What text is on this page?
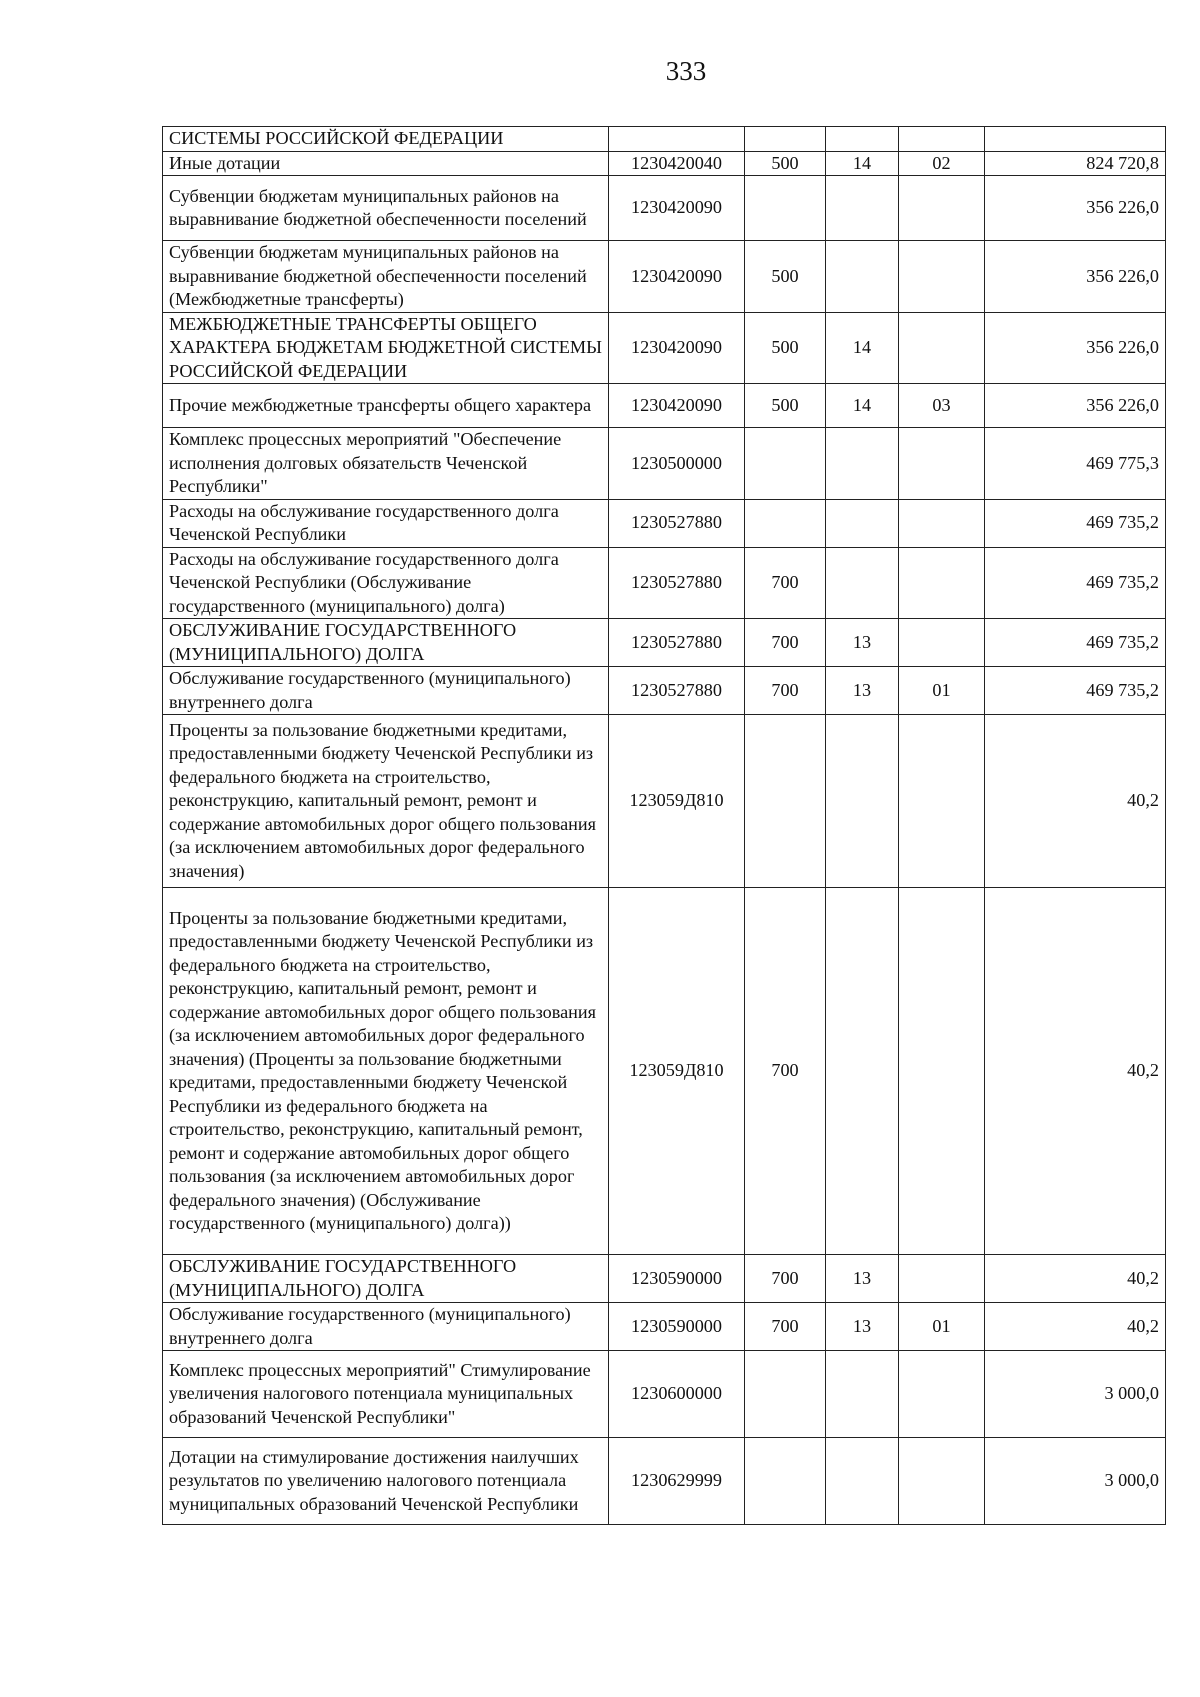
333
СИСТЕМЫ РОССИЙСКОЙ ФЕДЕРАЦИИ					
Иные дотации	1230420040	500	14	02	824 720,8
Субвенции бюджетам муниципальных районов на выравнивание бюджетной обеспеченности поселений	1230420090				356 226,0
Субвенции бюджетам муниципальных районов на выравнивание бюджетной обеспеченности поселений (Межбюджетные трансферты)	1230420090	500			356 226,0
МЕЖБЮДЖЕТНЫЕ ТРАНСФЕРТЫ ОБЩЕГО ХАРАКТЕРА БЮДЖЕТАМ БЮДЖЕТНОЙ СИСТЕМЫ РОССИЙСКОЙ ФЕДЕРАЦИИ	1230420090	500	14		356 226,0
Прочие межбюджетные трансферты общего характера	1230420090	500	14	03	356 226,0
Комплекс процессных мероприятий "Обеспечение исполнения долговых обязательств Чеченской Республики"	1230500000				469 775,3
Расходы на обслуживание государственного долга Чеченской Республики	1230527880				469 735,2
Расходы на обслуживание государственного долга Чеченской Республики (Обслуживание государственного (муниципального) долга)	1230527880	700			469 735,2
ОБСЛУЖИВАНИЕ ГОСУДАРСТВЕННОГО (МУНИЦИПАЛЬНОГО) ДОЛГА	1230527880	700	13		469 735,2
Обслуживание государственного (муниципального) внутреннего долга	1230527880	700	13	01	469 735,2
Проценты за пользование бюджетными кредитами, предоставленными бюджету Чеченской Республики из федерального бюджета на строительство, реконструкцию, капитальный ремонт, ремонт и содержание автомобильных дорог общего пользования (за исключением автомобильных дорог федерального значения)	123059Д810				40,2
Проценты за пользование бюджетными кредитами, предоставленными бюджету Чеченской Республики из федерального бюджета на строительство, реконструкцию, капитальный ремонт, ремонт и содержание автомобильных дорог общего пользования (за исключением автомобильных дорог федерального значения) (Проценты за пользование бюджетными кредитами, предоставленными бюджету Чеченской Республики из федерального бюджета на строительство, реконструкцию, капитальный ремонт, ремонт и содержание автомобильных дорог общего пользования (за исключением автомобильных дорог федерального значения) (Обслуживание государственного (муниципального) долга))	123059Д810	700			40,2
ОБСЛУЖИВАНИЕ ГОСУДАРСТВЕННОГО (МУНИЦИПАЛЬНОГО) ДОЛГА	1230590000	700	13		40,2
Обслуживание государственного (муниципального) внутреннего долга	1230590000	700	13	01	40,2
Комплекс процессных мероприятий" Стимулирование увеличения налогового потенциала муниципальных образований Чеченской Республики"	1230600000				3 000,0
Дотации на стимулирование достижения наилучших результатов по увеличению налогового потенциала муниципальных образований Чеченской Республики	1230629999				3 000,0
